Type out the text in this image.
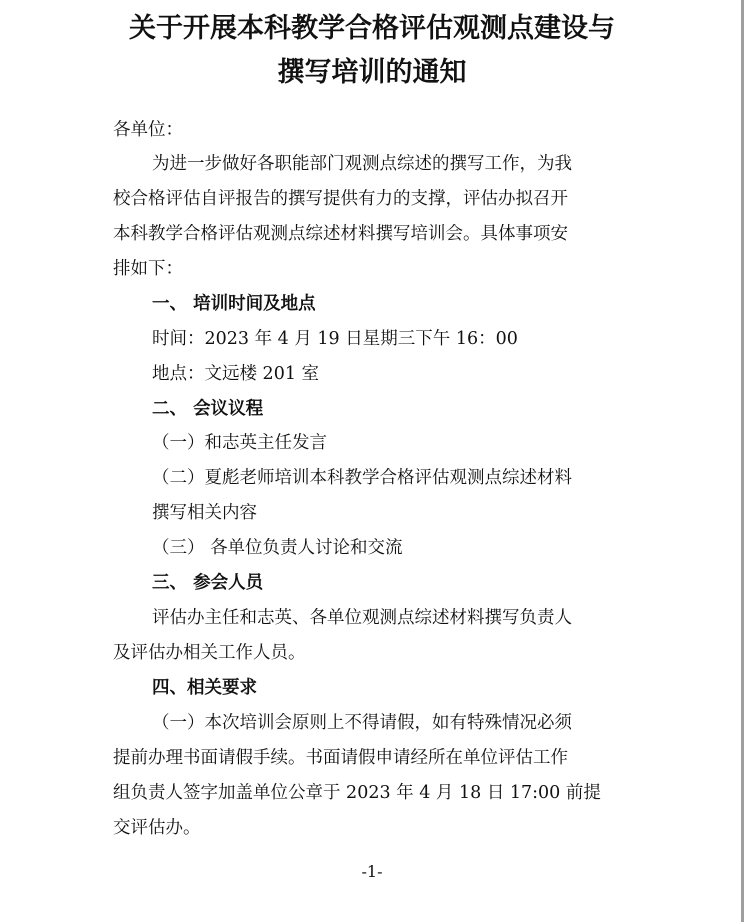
关于开展本科教学合格评估观测点建设与
撰写培训的通知
各单位：
为进一步做好各职能部门观测点综述的撰写工作，为我
校合格评估自评报告的撰写提供有力的支撑，评估办拟召开
本科教学合格评估观测点综述材料撰写培训会。具体事项安
排如下：
一、 培训时间及地点
时间：2023 年 4 月 19 日星期三下午 16：00
地点：文远楼 201 室
二、 会议议程
（一）和志英主任发言
（二）夏彪老师培训本科教学合格评估观测点综述材料
撰写相关内容
（三） 各单位负责人讨论和交流
三、 参会人员
评估办主任和志英、各单位观测点综述材料撰写负责人
及评估办相关工作人员。
四、相关要求
（一）本次培训会原则上不得请假，如有特殊情况必须
提前办理书面请假手续。书面请假申请经所在单位评估工作
组负责人签字加盖单位公章于 2023 年 4 月 18 日 17:00 前提
交评估办。
-1-
